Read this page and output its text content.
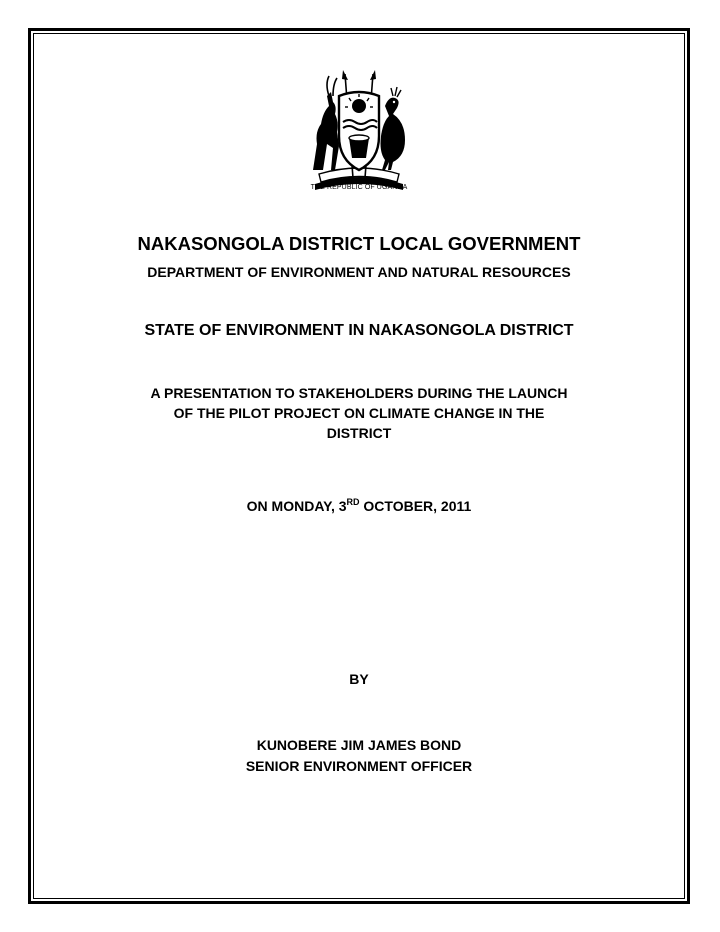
THE REPUBLIC OF UGANDA
NAKASONGOLA DISTRICT LOCAL GOVERNMENT
DEPARTMENT OF ENVIRONMENT AND NATURAL RESOURCES
STATE OF ENVIRONMENT IN NAKASONGOLA DISTRICT
A PRESENTATION TO STAKEHOLDERS DURING THE LAUNCH
OF THE PILOT PROJECT ON CLIMATE CHANGE IN THE
DISTRICT
ON MONDAY, 3RD OCTOBER, 2011
BY
KUNOBERE JIM JAMES BOND
SENIOR ENVIRONMENT OFFICER
